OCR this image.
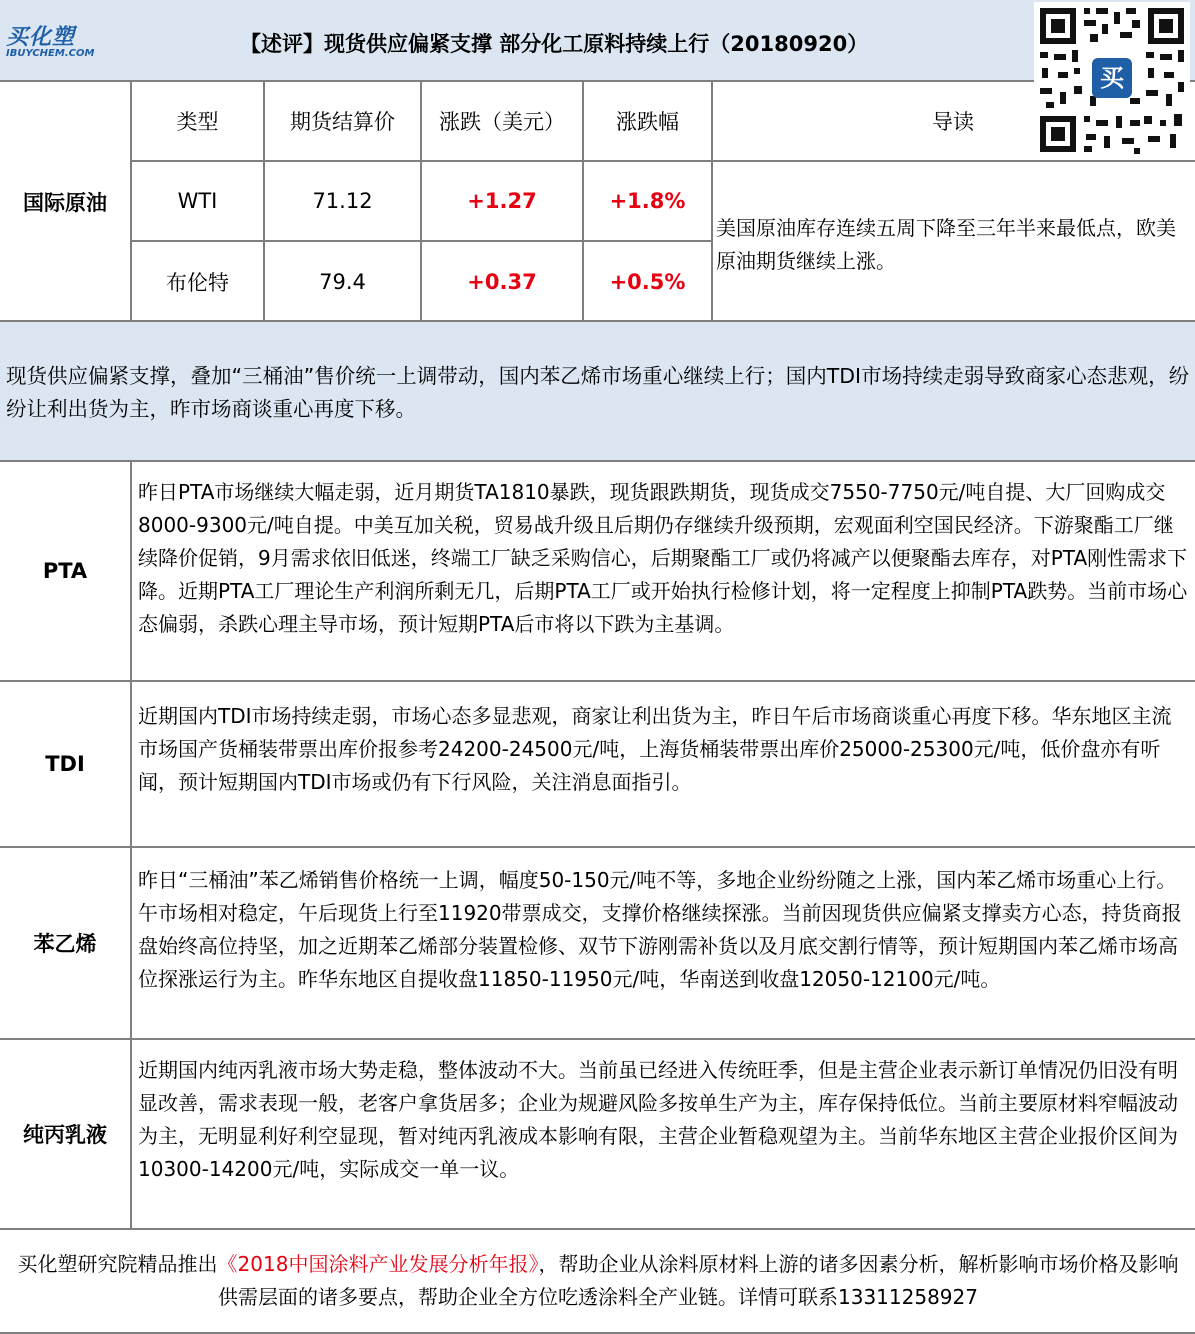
买化塑
IBUYCHEM.COM	【述评】现货供应偏紧支撑 部分化工原料持续上行（20180920）
买
国际原油
类型	期货结算价	涨跌（美元）	涨跌幅	导读
WTI	71.12	+1.27	+1.8%
布伦特	79.4	+0.37	+0.5%
美国原油库存连续五周下降至三年半来最低点，欧美原油期货继续上涨。

现货供应偏紧支撑，叠加“三桶油”售价统一上调带动，国内苯乙烯市场重心继续上行；国内TDI市场持续走弱导致商家心态悲观，纷纷让利出货为主，昨市场商谈重心再度下移。

PTA
昨日PTA市场继续大幅走弱，近月期货TA1810暴跌，现货跟跌期货，现货成交7550-7750元/吨自提、大厂回购成交8000-9300元/吨自提。中美互加关税，贸易战升级且后期仍存继续升级预期，宏观面利空国民经济。下游聚酯工厂继续降价促销，9月需求依旧低迷，终端工厂缺乏采购信心，后期聚酯工厂或仍将减产以便聚酯去库存，对PTA刚性需求下降。近期PTA工厂理论生产利润所剩无几，后期PTA工厂或开始执行检修计划，将一定程度上抑制PTA跌势。当前市场心态偏弱，杀跌心理主导市场，预计短期PTA后市将以下跌为主基调。
TDI
近期国内TDI市场持续走弱，市场心态多显悲观，商家让利出货为主，昨日午后市场商谈重心再度下移。华东地区主流市场国产货桶装带票出库价报参考24200-24500元/吨，上海货桶装带票出库价25000-25300元/吨，低价盘亦有听闻，预计短期国内TDI市场或仍有下行风险，关注消息面指引。
苯乙烯
昨日“三桶油”苯乙烯销售价格统一上调，幅度50-150元/吨不等，多地企业纷纷随之上涨，国内苯乙烯市场重心上行。午市场相对稳定，午后现货上行至11920带票成交，支撑价格继续探涨。当前因现货供应偏紧支撑卖方心态，持货商报盘始终高位持坚，加之近期苯乙烯部分装置检修、双节下游刚需补货以及月底交割行情等，预计短期国内苯乙烯市场高位探涨运行为主。昨华东地区自提收盘11850-11950元/吨，华南送到收盘12050-12100元/吨。
纯丙乳液
近期国内纯丙乳液市场大势走稳，整体波动不大。当前虽已经进入传统旺季，但是主营企业表示新订单情况仍旧没有明显改善，需求表现一般，老客户拿货居多；企业为规避风险多按单生产为主，库存保持低位。当前主要原材料窄幅波动为主，无明显利好利空显现，暂对纯丙乳液成本影响有限，主营企业暂稳观望为主。当前华东地区主营企业报价区间为10300-14200元/吨，实际成交一单一议。

买化塑研究院精品推出《2018中国涂料产业发展分析年报》，帮助企业从涂料原材料上游的诸多因素分析，解析影响市场价格及影响供需层面的诸多要点，帮助企业全方位吃透涂料全产业链。详情可联系13311258927
